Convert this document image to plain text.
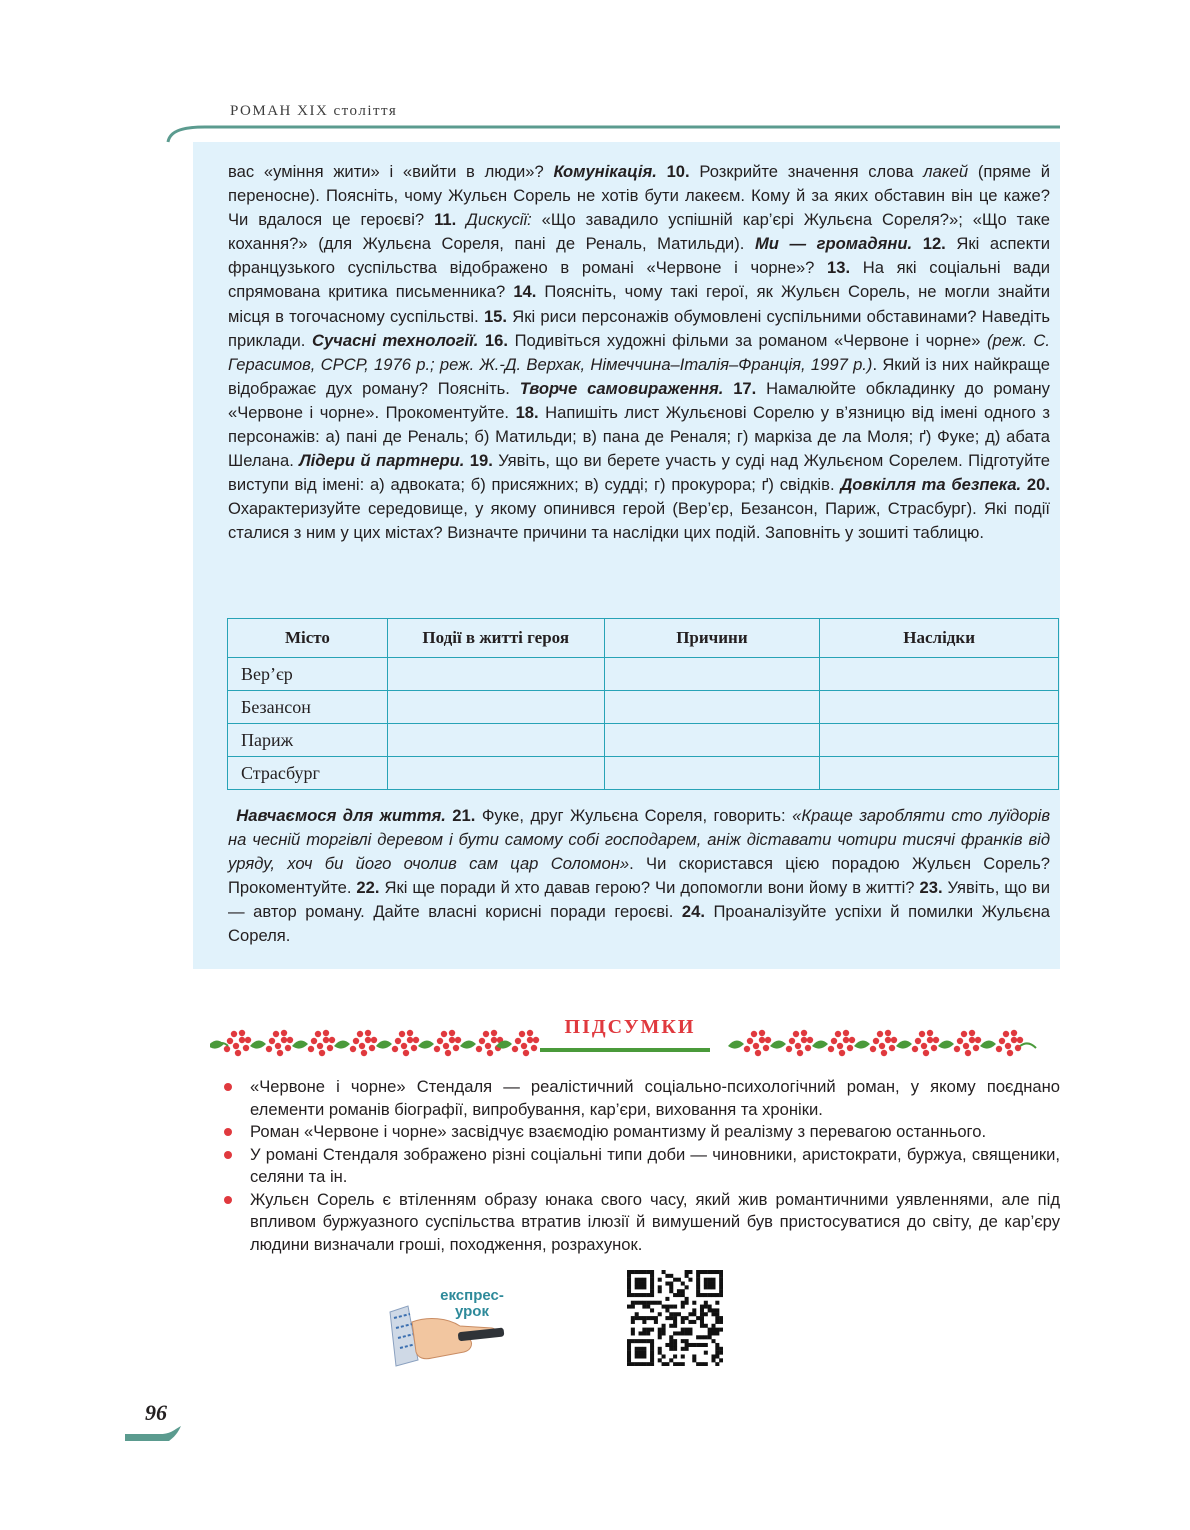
РОМАН XIX століття

вас «уміння жити» і «вийти в люди»? Комунікація. 10. Розкрийте значення слова лакей (пряме й переносне). Поясніть, чому Жульєн Сорель не хотів бути лакеєм. Кому й за яких обставин він це каже? Чи вдалося це героєві? 11. Дискусії: «Що завадило успішній кар’єрі Жульєна Сореля?»; «Що таке кохання?» (для Жульєна Сореля, пані де Реналь, Матильди). Ми — громадяни. 12. Які аспекти французького суспільства відображено в романі «Червоне і чорне»? 13. На які соціальні вади спрямована критика письменника? 14. Поясніть, чому такі герої, як Жульєн Сорель, не могли знайти місця в тогочасному суспільстві. 15. Які риси персонажів обумовлені суспільними обставинами? Наведіть приклади. Сучасні технології. 16. Подивіться художні фільми за романом «Червоне і чорне» (реж. С. Герасимов, СРСР, 1976 р.; реж. Ж.-Д. Верхак, Німеччина–Італія–Франція, 1997 р.). Який із них найкраще відображає дух роману? Поясніть. Творче самовираження. 17. Намалюйте обкладинку до роману «Червоне і чорне». Прокоментуйте. 18. Напишіть лист Жульєнові Сорелю у в’язницю від імені одного з персонажів: а) пані де Реналь; б) Матильди; в) пана де Реналя; г) маркіза де ла Моля; ґ) Фуке; д) абата Шелана. Лідери й партнери. 19. Уявіть, що ви берете участь у суді над Жульєном Сорелем. Підготуйте виступи від імені: а) адвоката; б) присяжних; в) судді; г) прокурора; ґ) свідків. Довкілля та безпека. 20. Охарактеризуйте середовище, у якому опинився герой (Вер’єр, Безансон, Париж, Страсбург). Які події сталися з ним у цих містах? Визначте причини та наслідки цих подій. Заповніть у зошиті таблицю.

Місто	Події в житті героя	Причини	Наслідки
Вер’єр			
Безансон			
Париж			
Страсбург			

 Навчаємося для життя. 21. Фуке, друг Жульєна Сореля, говорить: «Краще заробляти сто луїдорів на чесній торгівлі деревом і бути самому собі господарем, аніж діставати чотири тисячі франків від уряду, хоч би його очолив сам цар Соломон». Чи скористався цією порадою Жульєн Сорель? Прокоментуйте. 22. Які ще поради й хто давав герою? Чи допомогли вони йому в житті? 23. Уявіть, що ви — автор роману. Дайте власні корисні поради героєві. 24. Проаналізуйте успіхи й помилки Жульєна Сореля.

ПІДСУМКИ
«Червоне і чорне» Стендаля — реалістичний соціально-психологічний роман, у якому поєднано елементи романів біографії, випробування, кар’єри, виховання та хроніки.
Роман «Червоне і чорне» засвідчує взаємодію романтизму й реалізму з перевагою останнього.
У романі Стендаля зображено різні соціальні типи доби — чиновники, аристократи, буржуа, священики, селяни та ін.
Жульєн Сорель є втіленням образу юнака свого часу, який жив романтичними уявленнями, але під впливом буржуазного суспільства втратив ілюзії й вимушений був пристосуватися до світу, де кар’єру людини визначали гроші, походження, розрахунок.
експрес-
урок
96
